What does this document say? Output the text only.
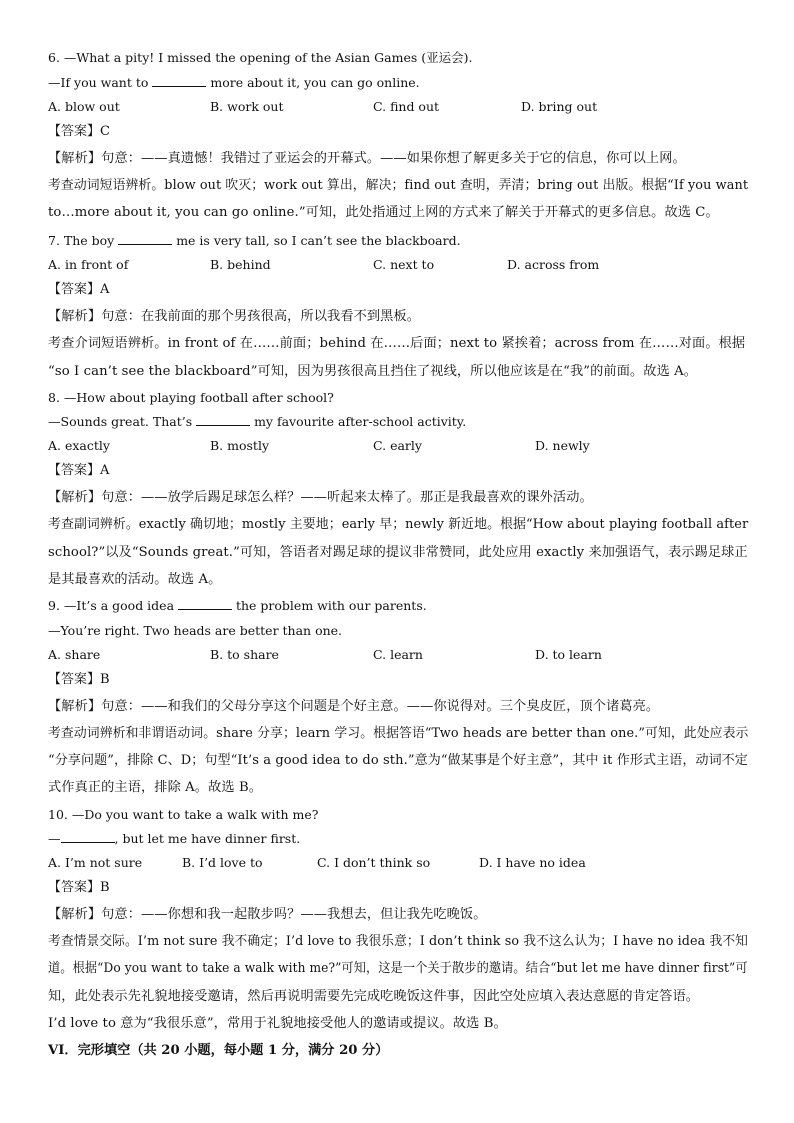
6. —What a pity! I missed the opening of the Asian Games (亚运会).
—If you want to	more about it, you can go online.
A. blow out	B. work out	C. find out	D. bring out
【答案】C
【解析】句意：——真遗憾！我错过了亚运会的开幕式。——如果你想了解更多关于它的信息，你可以上网。
考查动词短语辨析。blow out 吹灭；work out 算出，解决；find out 查明，弄清；bring out 出版。根据“If you want
to…more about it, you can go online.”可知，此处指通过上网的方式来了解关于开幕式的更多信息。故选 C。
7. The boy	me is very tall, so I can’t see the blackboard.
A. in front of	B. behind	C. next to	D. across from
【答案】A
【解析】句意：在我前面的那个男孩很高，所以我看不到黑板。
考查介词短语辨析。in front of 在……前面；behind 在……后面；next to 紧挨着；across from 在……对面。根据
“so I can’t see the blackboard”可知，因为男孩很高且挡住了视线，所以他应该是在“我”的前面。故选 A。
8. —How about playing football after school?
—Sounds great. That’s	my favourite after-school activity.
A. exactly	B. mostly	C. early	D. newly
【答案】A
【解析】句意：——放学后踢足球怎么样？——听起来太棒了。那正是我最喜欢的课外活动。
考查副词辨析。exactly 确切地；mostly 主要地；early 早；newly 新近地。根据“How about playing football after
school?”以及“Sounds great.”可知，答语者对踢足球的提议非常赞同，此处应用 exactly 来加强语气，表示踢足球正
是其最喜欢的活动。故选 A。
9. —It’s a good idea	the problem with our parents.
—You’re right. Two heads are better than one.
A. share	B. to share	C. learn	D. to learn
【答案】B
【解析】句意：——和我们的父母分享这个问题是个好主意。——你说得对。三个臭皮匠，顶个诸葛亮。
考查动词辨析和非谓语动词。share 分享；learn 学习。根据答语“Two heads are better than one.”可知，此处应表示
“分享问题”，排除 C、D；句型“It’s a good idea to do sth.”意为“做某事是个好主意”，其中 it 作形式主语，动词不定
式作真正的主语，排除 A。故选 B。
10. —Do you want to take a walk with me?
—	, but let me have dinner first.
A. I’m not sure	B. I’d love to	C. I don’t think so	D. I have no idea
【答案】B
【解析】句意：——你想和我一起散步吗？——我想去，但让我先吃晚饭。
考查情景交际。I’m not sure 我不确定；I’d love to 我很乐意；I don’t think so 我不这么认为；I have no idea 我不知
道。根据“Do you want to take a walk with me?”可知，这是一个关于散步的邀请。结合“but let me have dinner first”可
知，此处表示先礼貌地接受邀请，然后再说明需要先完成吃晚饭这件事，因此空处应填入表达意愿的肯定答语。
I’d love to 意为“我很乐意”，常用于礼貌地接受他人的邀请或提议。故选 B。
VI．完形填空（共 20 小题，每小题 1 分，满分 20 分）
